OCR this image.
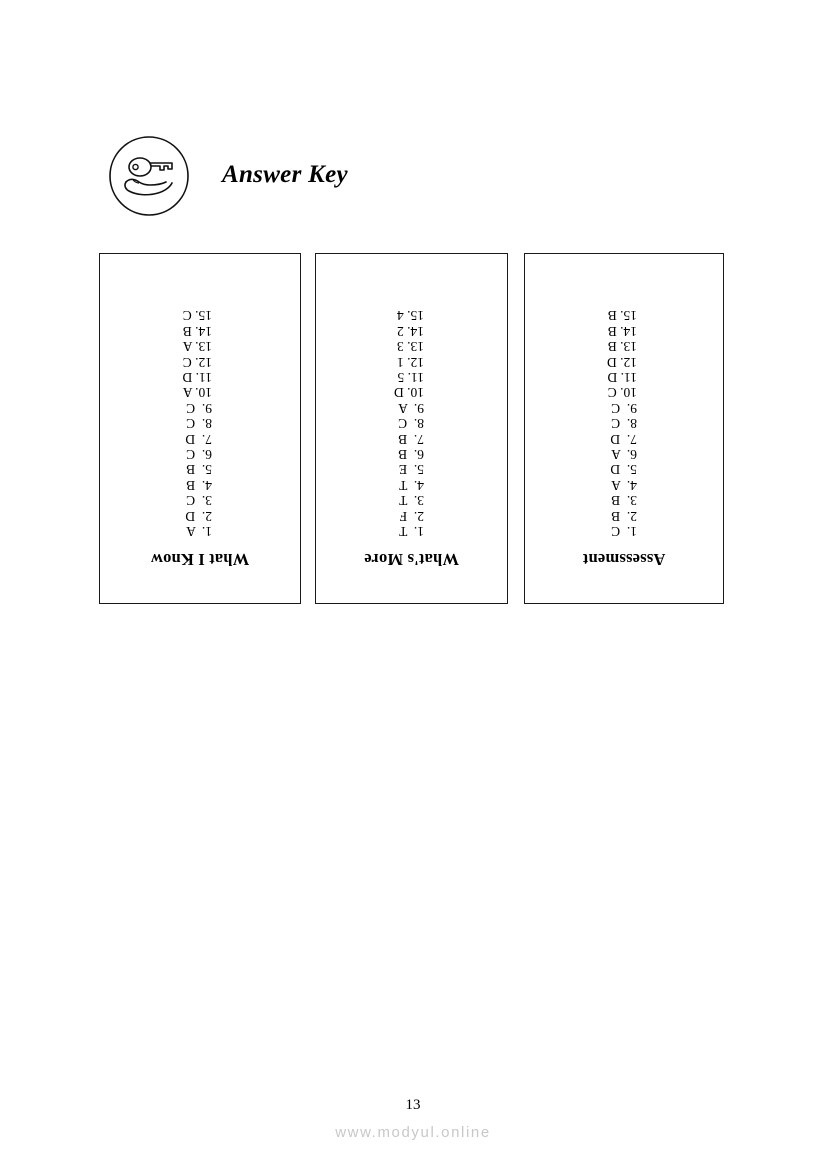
Answer Key
What I Know
1.  A
2.  D
3.  C
4.  B
5.  B
6.  C
7.  D
8.  C
9.  C
10. A
11. D
12. C
13. A
14. B
15. C
What's More
1.  T
2.  F
3.  T
4.  T
5.  E
6.  B
7.  B
8.  C
9.  A
10. D
11. 5
12. 1
13. 3
14. 2
15. 4
Assessment
1.  C
2.  B
3.  B
4.  A
5.  D
6.  A
7.  D
8.  C
9.  C
10. C
11. D
12. D
13. B
14. B
15. B
13
www.modyul.online
